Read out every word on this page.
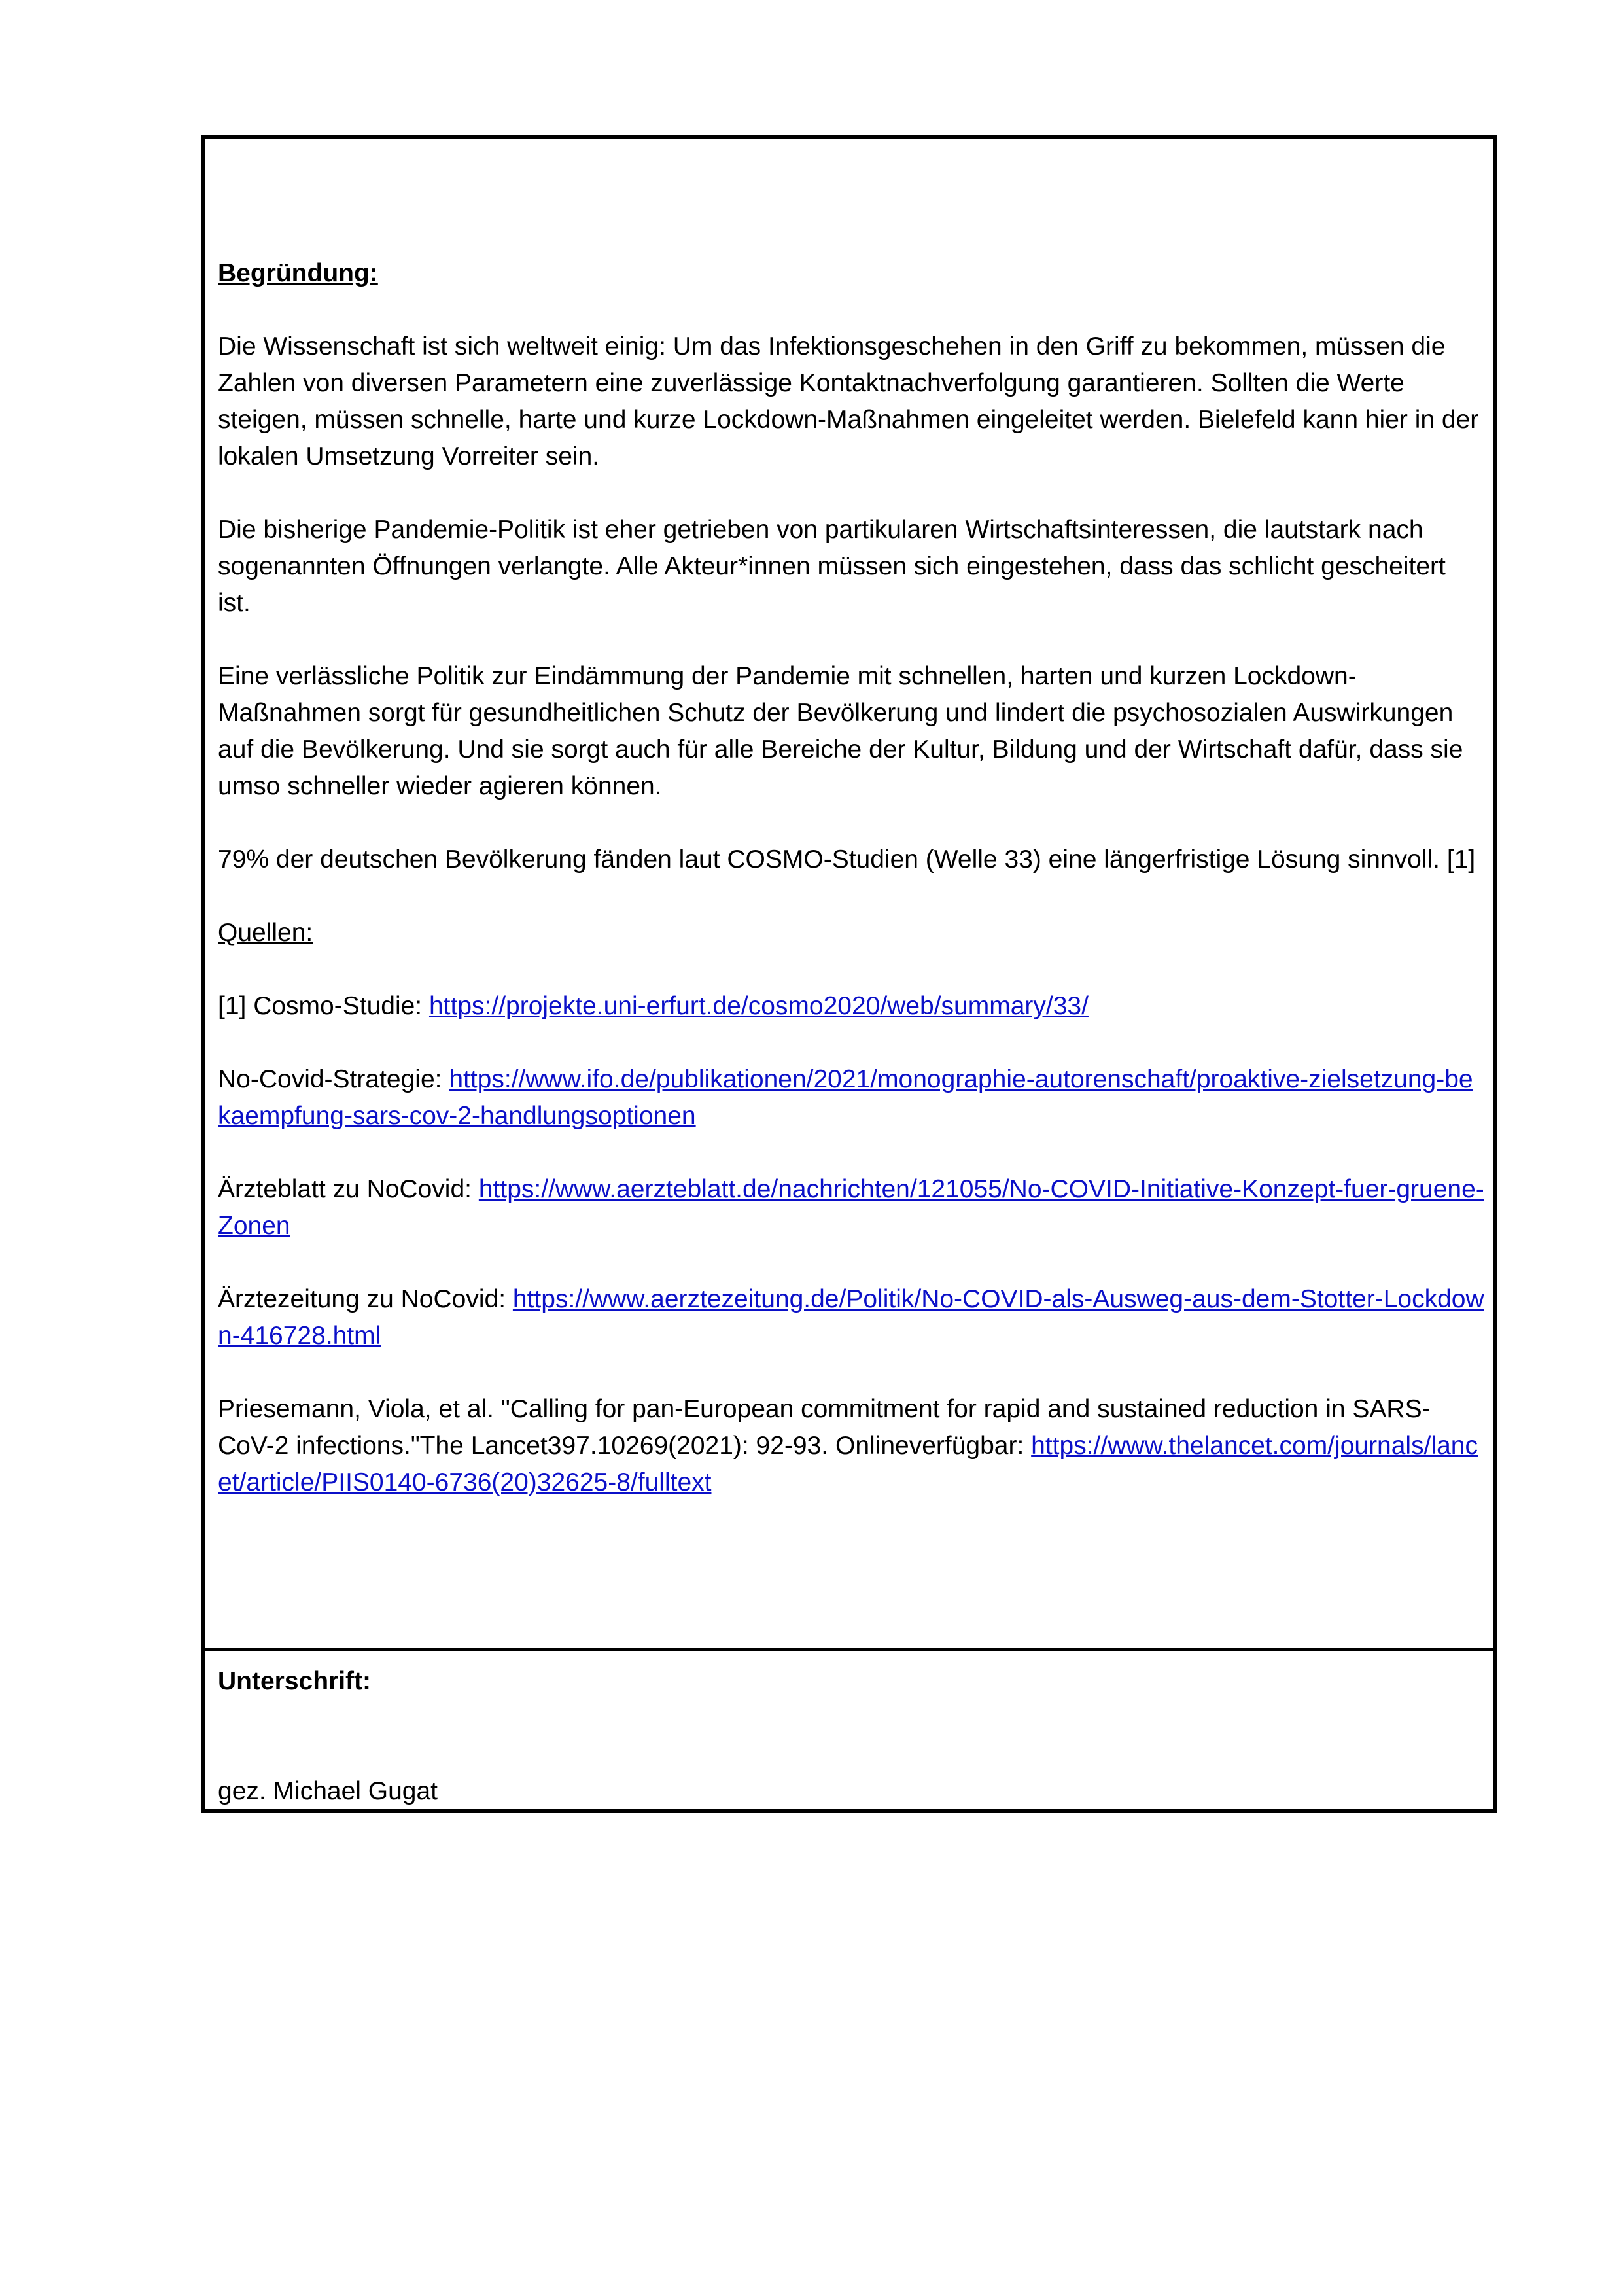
Begründung:

Die Wissenschaft ist sich weltweit einig: Um das Infektionsgeschehen in den Griff zu bekommen, müssen die Zahlen von diversen Parametern eine zuverlässige Kontaktnachverfolgung garantieren. Sollten die Werte steigen, müssen schnelle, harte und kurze Lockdown-Maßnahmen eingeleitet werden. Bielefeld kann hier in der lokalen Umsetzung Vorreiter sein.

Die bisherige Pandemie-Politik ist eher getrieben von partikularen Wirtschaftsinteressen, die lautstark nach sogenannten Öffnungen verlangte. Alle Akteur*innen müssen sich eingestehen, dass das schlicht gescheitert ist.

Eine verlässliche Politik zur Eindämmung der Pandemie mit schnellen, harten und kurzen Lockdown-Maßnahmen sorgt für gesundheitlichen Schutz der Bevölkerung und lindert die psychosozialen Auswirkungen auf die Bevölkerung. Und sie sorgt auch für alle Bereiche der Kultur, Bildung und der Wirtschaft dafür, dass sie umso schneller wieder agieren können.

79% der deutschen Bevölkerung fänden laut COSMO-Studien (Welle 33) eine längerfristige Lösung sinnvoll. [1]

Quellen:

[1] Cosmo-Studie: https://projekte.uni-erfurt.de/cosmo2020/web/summary/33/

No-Covid-Strategie: https://www.ifo.de/publikationen/2021/monographie-autorenschaft/proaktive-zielsetzung-bekaempfung-sars-cov-2-handlungsoptionen

Ärzteblatt zu NoCovid: https://www.aerzteblatt.de/nachrichten/121055/No-COVID-Initiative-Konzept-fuer-gruene-Zonen

Ärztezeitung zu NoCovid: https://www.aerztezeitung.de/Politik/No-COVID-als-Ausweg-aus-dem-Stotter-Lockdown-416728.html

Priesemann, Viola, et al. "Calling for pan-European commitment for rapid and sustained reduction in SARS-CoV-2 infections."The Lancet397.10269(2021): 92-93. Onlineverfügbar: https://www.thelancet.com/journals/lancet/article/PIIS0140-6736(20)32625-8/fulltext

Unterschrift:
gez. Michael Gugat
